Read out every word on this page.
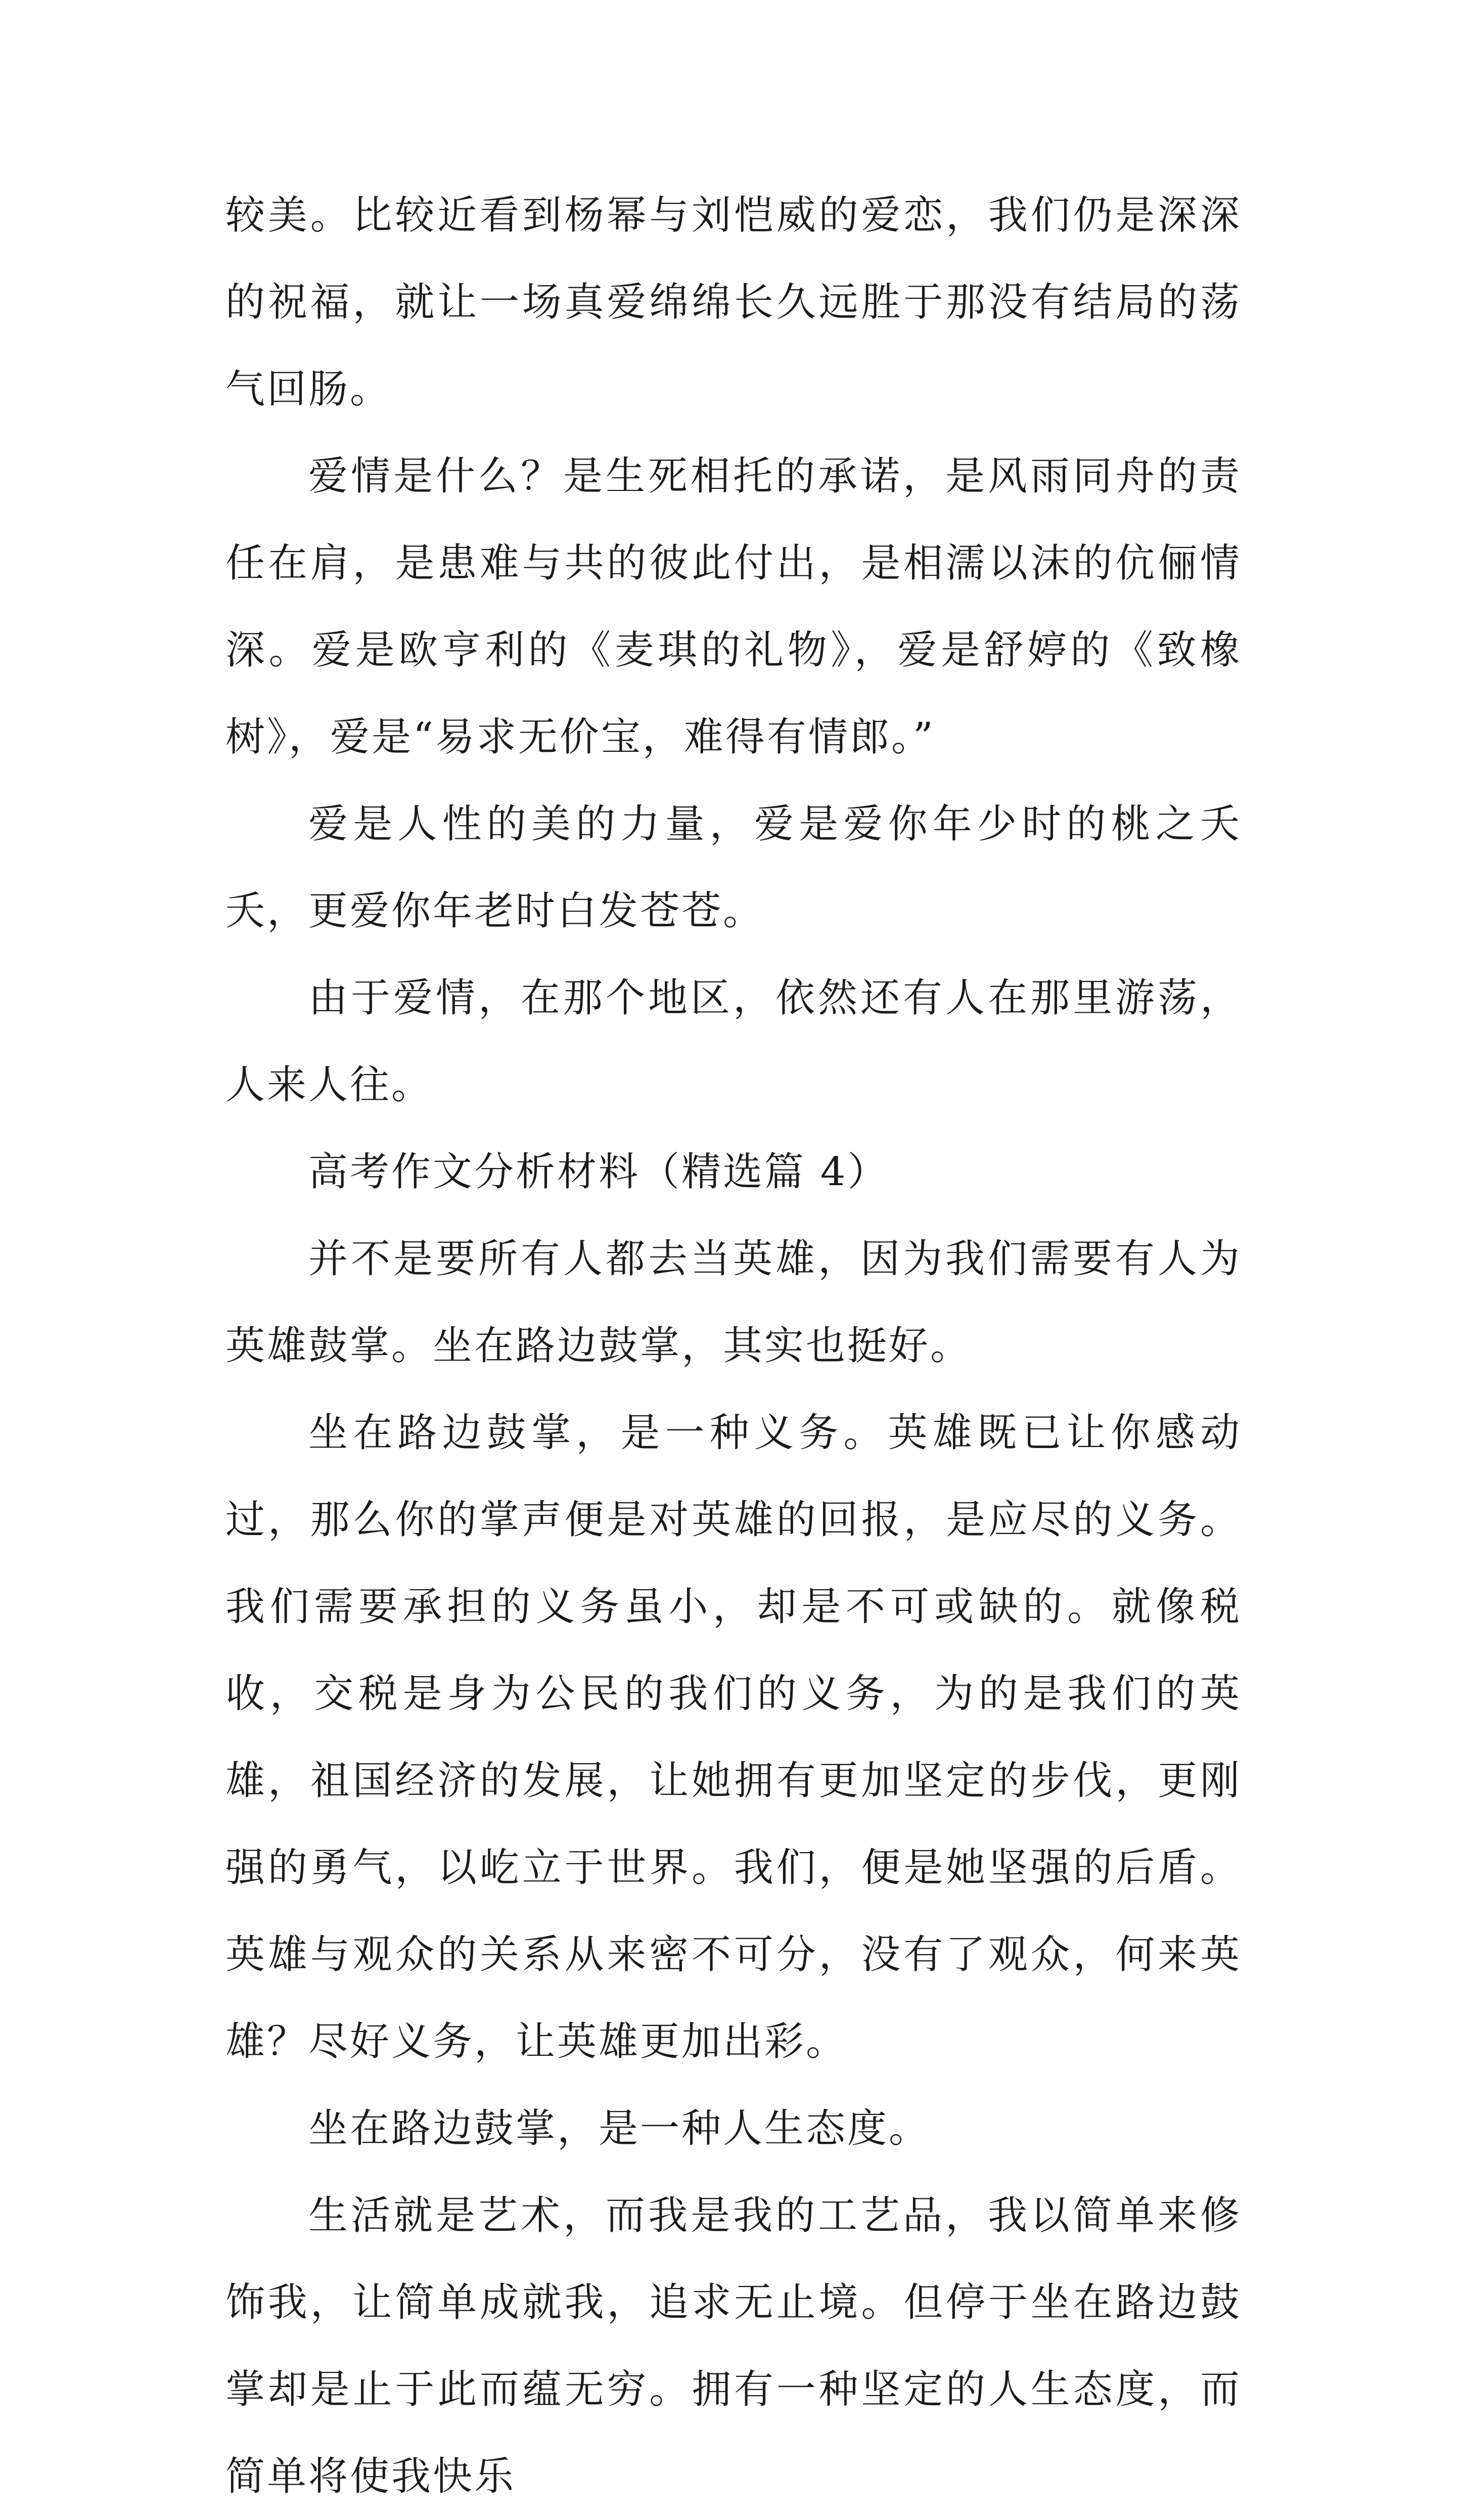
较美。比较近看到杨幂与刘恺威的爱恋，我们仍是深深的祝福，就让一场真爱绵绵长久远胜于那没有结局的荡气回肠。

爱情是什么？是生死相托的承诺，是风雨同舟的责任在肩，是患难与共的彼此付出，是相濡以沫的伉俪情深。爱是欧亨利的《麦琪的礼物》，爱是舒婷的《致橡树》，爱是“易求无价宝，难得有情郎。”

爱是人性的美的力量，爱是爱你年少时的桃之夭夭，更爱你年老时白发苍苍。

由于爱情，在那个地区，依然还有人在那里游荡，人来人往。

高考作文分析材料（精选篇 4）

并不是要所有人都去当英雄，因为我们需要有人为英雄鼓掌。坐在路边鼓掌，其实也挺好。

坐在路边鼓掌，是一种义务。英雄既已让你感动过，那么你的掌声便是对英雄的回报，是应尽的义务。我们需要承担的义务虽小，却是不可或缺的。就像税收，交税是身为公民的我们的义务，为的是我们的英雄，祖国经济的发展，让她拥有更加坚定的步伐，更刚强的勇气，以屹立于世界。我们，便是她坚强的后盾。英雄与观众的关系从来密不可分，没有了观众，何来英雄？尽好义务，让英雄更加出彩。

坐在路边鼓掌，是一种人生态度。

生活就是艺术，而我是我的工艺品，我以简单来修饰我，让简单成就我，追求无止境。但停于坐在路边鼓掌却是止于此而蕴无穷。拥有一种坚定的人生态度，而简单将使我快乐
